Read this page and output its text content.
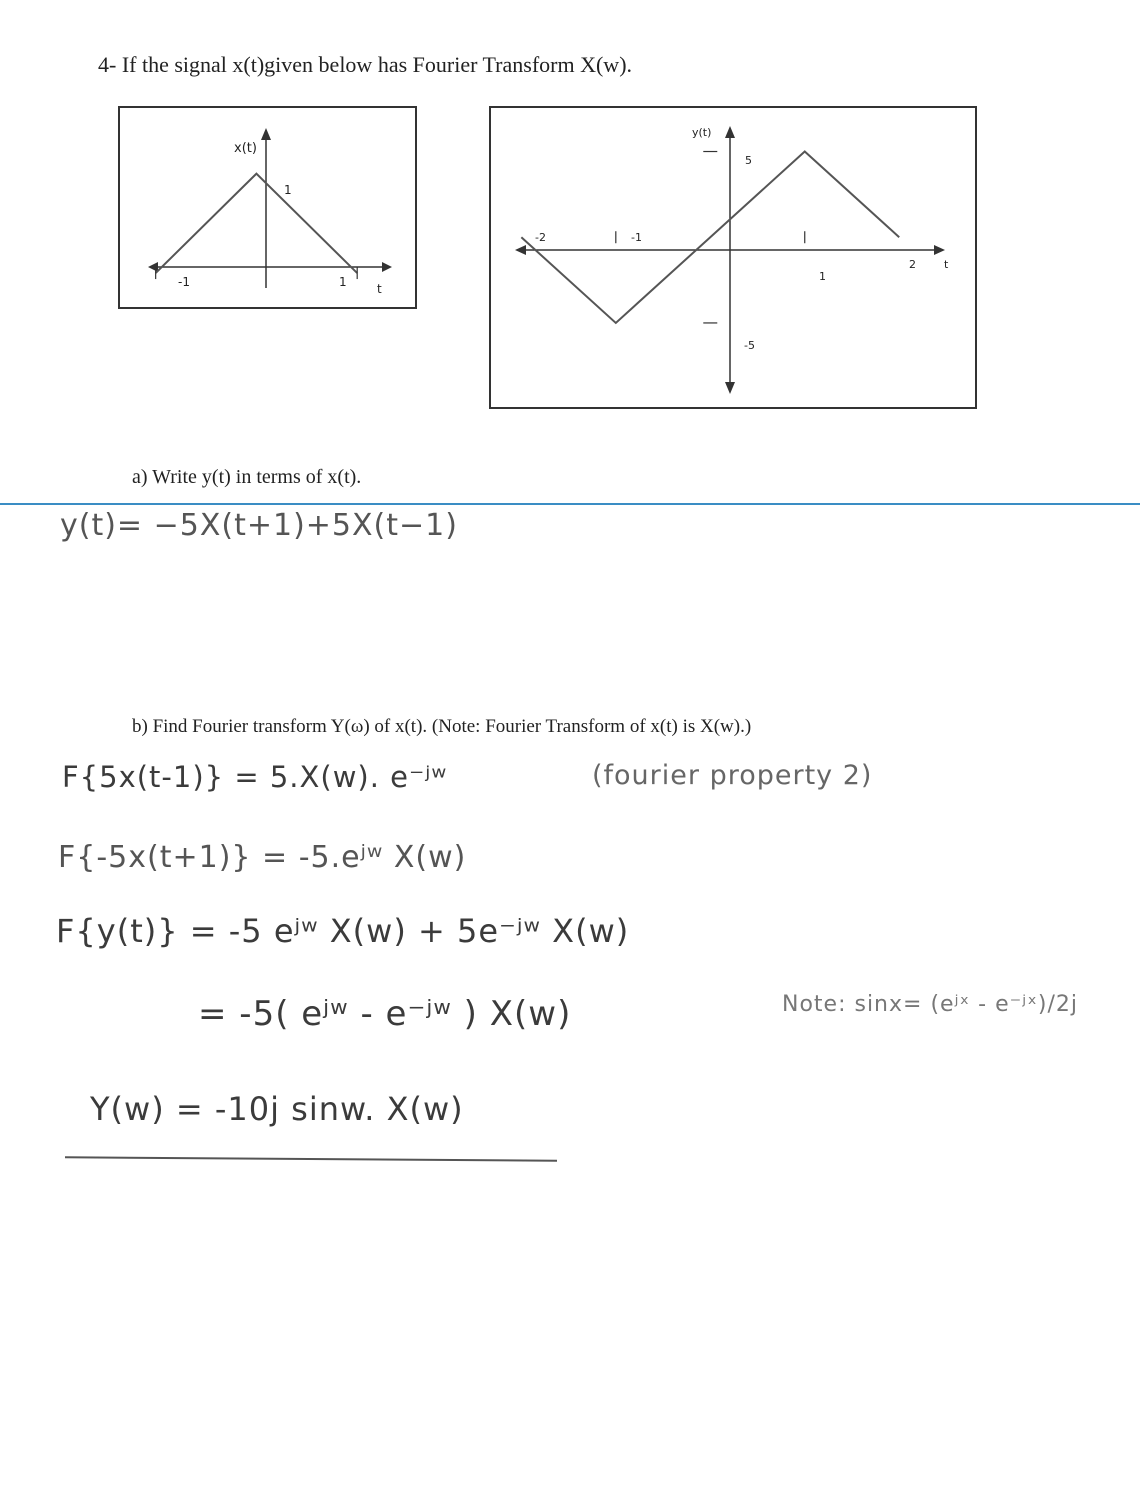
4- If the signal x(t)given below has Fourier Transform X(w).
x(t)
t
-1	1
1
y(t)
t
-2	-1
1
2
5
-5
a) Write y(t) in terms of x(t).
y(t)= −5X(t+1)+5X(t−1)
b) Find Fourier transform Y(ω) of x(t). (Note: Fourier Transform of x(t) is X(w).)
F{5x(t-1)} = 5.X(w). e⁻ʲʷ	(fourier property 2)
F{-5x(t+1)} = -5.eʲʷ X(w)
F{y(t)} = -5 eʲʷ X(w) + 5e⁻ʲʷ X(w)
= -5( eʲʷ - e⁻ʲʷ ) X(w)	Note: sinx= (eʲˣ - e⁻ʲˣ)/2j
Y(w) = -10j sinw. X(w)
